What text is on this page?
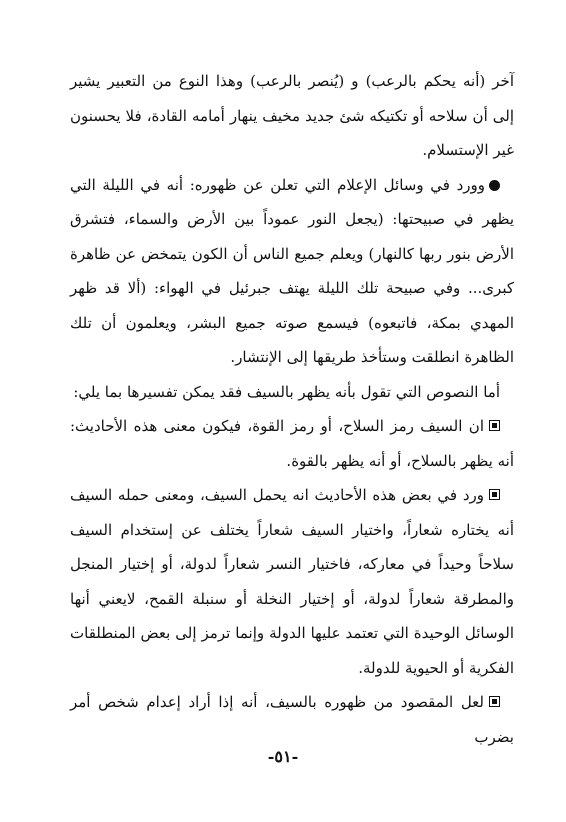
آخر (أنه يحكم بالرعب) و (يُنصر بالرعب) وهذا النوع من التعبير يشير إلى أن سلاحه أو تكتيكه شئ جديد مخيف ينهار أمامه القادة، فلا يحسنون غير الإستسلام.

وورد في وسائل الإعلام التي تعلن عن ظهوره: أنه في الليلة التي يظهر في صبيحتها: (يجعل النور عموداً بين الأرض والسماء، فتشرق الأرض بنور ربها كالنهار) ويعلم جميع الناس أن الكون يتمخض عن ظاهرة كبرى... وفي صبيحة تلك الليلة يهتف جبرئيل في الهواء: (ألا قد ظهر المهدي بمكة، فاتبعوه) فيسمع صوته جميع البشر، ويعلمون أن تلك الظاهرة انطلقت وستأخذ طريقها إلى الإنتشار.

أما النصوص التي تقول بأنه يظهر بالسيف فقد يمكن تفسيرها بما يلي:

ان السيف رمز السلاح، أو رمز القوة، فيكون معنى هذه الأحاديث: أنه يظهر بالسلاح، أو أنه يظهر بالقوة.

ورد في بعض هذه الأحاديث انه يحمل السيف، ومعنى حمله السيف أنه يختاره شعاراً، واختيار السيف شعاراً يختلف عن إستخدام السيف سلاحاً وحيداً في معاركه، فاختيار النسر شعاراً لدولة، أو إختيار المنجل والمطرقة شعاراً لدولة، أو إختيار النخلة أو سنبلة القمح، لايعني أنها الوسائل الوحيدة التي تعتمد عليها الدولة وإنما ترمز إلى بعض المنطلقات الفكرية أو الحيوية للدولة.

لعل المقصود من ظهوره بالسيف، أنه إذا أراد إعدام شخص أمر بضرب

-٥١-
